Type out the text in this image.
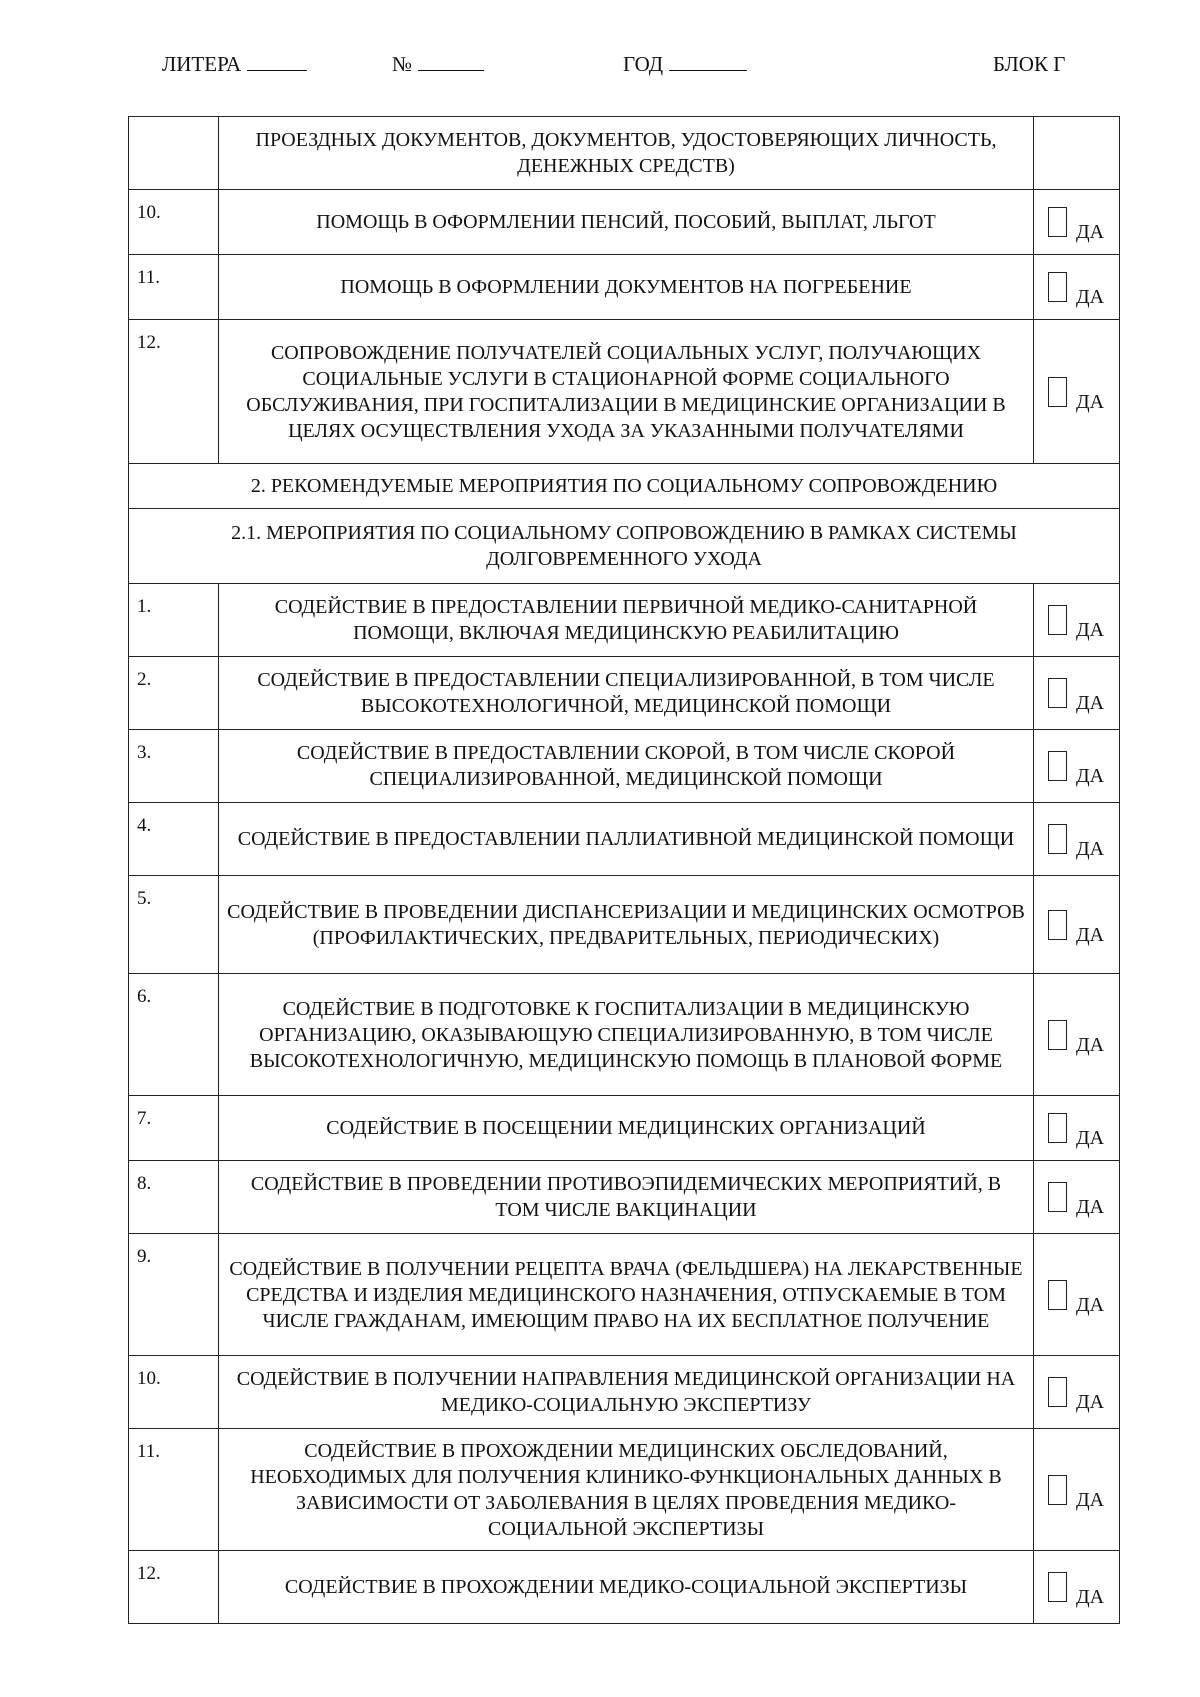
ЛИТЕРА	№	ГОД	БЛОК Г
	ПРОЕЗДНЫХ ДОКУМЕНТОВ, ДОКУМЕНТОВ, УДОСТОВЕРЯЮЩИХ ЛИЧНОСТЬ, ДЕНЕЖНЫХ СРЕДСТВ)	
10.	ПОМОЩЬ В ОФОРМЛЕНИИ ПЕНСИЙ, ПОСОБИЙ, ВЫПЛАТ, ЛЬГОТ	ДА
11.	ПОМОЩЬ В ОФОРМЛЕНИИ ДОКУМЕНТОВ НА ПОГРЕБЕНИЕ	ДА
12.	СОПРОВОЖДЕНИЕ ПОЛУЧАТЕЛЕЙ СОЦИАЛЬНЫХ УСЛУГ, ПОЛУЧАЮЩИХ СОЦИАЛЬНЫЕ УСЛУГИ В СТАЦИОНАРНОЙ ФОРМЕ СОЦИАЛЬНОГО ОБСЛУЖИВАНИЯ, ПРИ ГОСПИТАЛИЗАЦИИ В МЕДИЦИНСКИЕ ОРГАНИЗАЦИИ В ЦЕЛЯХ ОСУЩЕСТВЛЕНИЯ УХОДА ЗА УКАЗАННЫМИ ПОЛУЧАТЕЛЯМИ	ДА
2. РЕКОМЕНДУЕМЫЕ МЕРОПРИЯТИЯ ПО СОЦИАЛЬНОМУ СОПРОВОЖДЕНИЮ		
2.1. МЕРОПРИЯТИЯ ПО СОЦИАЛЬНОМУ СОПРОВОЖДЕНИЮ В РАМКАХ СИСТЕМЫ ДОЛГОВРЕМЕННОГО УХОДА		
1.	СОДЕЙСТВИЕ В ПРЕДОСТАВЛЕНИИ ПЕРВИЧНОЙ МЕДИКО-САНИТАРНОЙ ПОМОЩИ, ВКЛЮЧАЯ МЕДИЦИНСКУЮ РЕАБИЛИТАЦИЮ	ДА
2.	СОДЕЙСТВИЕ В ПРЕДОСТАВЛЕНИИ СПЕЦИАЛИЗИРОВАННОЙ, В ТОМ ЧИСЛЕ ВЫСОКОТЕХНОЛОГИЧНОЙ, МЕДИЦИНСКОЙ ПОМОЩИ	ДА
3.	СОДЕЙСТВИЕ В ПРЕДОСТАВЛЕНИИ СКОРОЙ, В ТОМ ЧИСЛЕ СКОРОЙ СПЕЦИАЛИЗИРОВАННОЙ, МЕДИЦИНСКОЙ ПОМОЩИ	ДА
4.	СОДЕЙСТВИЕ В ПРЕДОСТАВЛЕНИИ ПАЛЛИАТИВНОЙ МЕДИЦИНСКОЙ ПОМОЩИ	ДА
5.	СОДЕЙСТВИЕ В ПРОВЕДЕНИИ ДИСПАНСЕРИЗАЦИИ И МЕДИЦИНСКИХ ОСМОТРОВ (ПРОФИЛАКТИЧЕСКИХ, ПРЕДВАРИТЕЛЬНЫХ, ПЕРИОДИЧЕСКИХ)	ДА
6.	СОДЕЙСТВИЕ В ПОДГОТОВКЕ К ГОСПИТАЛИЗАЦИИ В МЕДИЦИНСКУЮ ОРГАНИЗАЦИЮ, ОКАЗЫВАЮЩУЮ СПЕЦИАЛИЗИРОВАННУЮ, В ТОМ ЧИСЛЕ ВЫСОКОТЕХНОЛОГИЧНУЮ, МЕДИЦИНСКУЮ ПОМОЩЬ В ПЛАНОВОЙ ФОРМЕ	ДА
7.	СОДЕЙСТВИЕ В ПОСЕЩЕНИИ МЕДИЦИНСКИХ ОРГАНИЗАЦИЙ	ДА
8.	СОДЕЙСТВИЕ В ПРОВЕДЕНИИ ПРОТИВОЭПИДЕМИЧЕСКИХ МЕРОПРИЯТИЙ, В ТОМ ЧИСЛЕ ВАКЦИНАЦИИ	ДА
9.	СОДЕЙСТВИЕ В ПОЛУЧЕНИИ РЕЦЕПТА ВРАЧА (ФЕЛЬДШЕРА) НА ЛЕКАРСТВЕННЫЕ СРЕДСТВА И ИЗДЕЛИЯ МЕДИЦИНСКОГО НАЗНАЧЕНИЯ, ОТПУСКАЕМЫЕ В ТОМ ЧИСЛЕ ГРАЖДАНАМ, ИМЕЮЩИМ ПРАВО НА ИХ БЕСПЛАТНОЕ ПОЛУЧЕНИЕ	ДА
10.	СОДЕЙСТВИЕ В ПОЛУЧЕНИИ НАПРАВЛЕНИЯ МЕДИЦИНСКОЙ ОРГАНИЗАЦИИ НА МЕДИКО-СОЦИАЛЬНУЮ ЭКСПЕРТИЗУ	ДА
11.	СОДЕЙСТВИЕ В ПРОХОЖДЕНИИ МЕДИЦИНСКИХ ОБСЛЕДОВАНИЙ, НЕОБХОДИМЫХ ДЛЯ ПОЛУЧЕНИЯ КЛИНИКО-ФУНКЦИОНАЛЬНЫХ ДАННЫХ В ЗАВИСИМОСТИ ОТ ЗАБОЛЕВАНИЯ В ЦЕЛЯХ ПРОВЕДЕНИЯ МЕДИКО-СОЦИАЛЬНОЙ ЭКСПЕРТИЗЫ	ДА
12.	СОДЕЙСТВИЕ В ПРОХОЖДЕНИИ МЕДИКО-СОЦИАЛЬНОЙ ЭКСПЕРТИЗЫ	ДА
